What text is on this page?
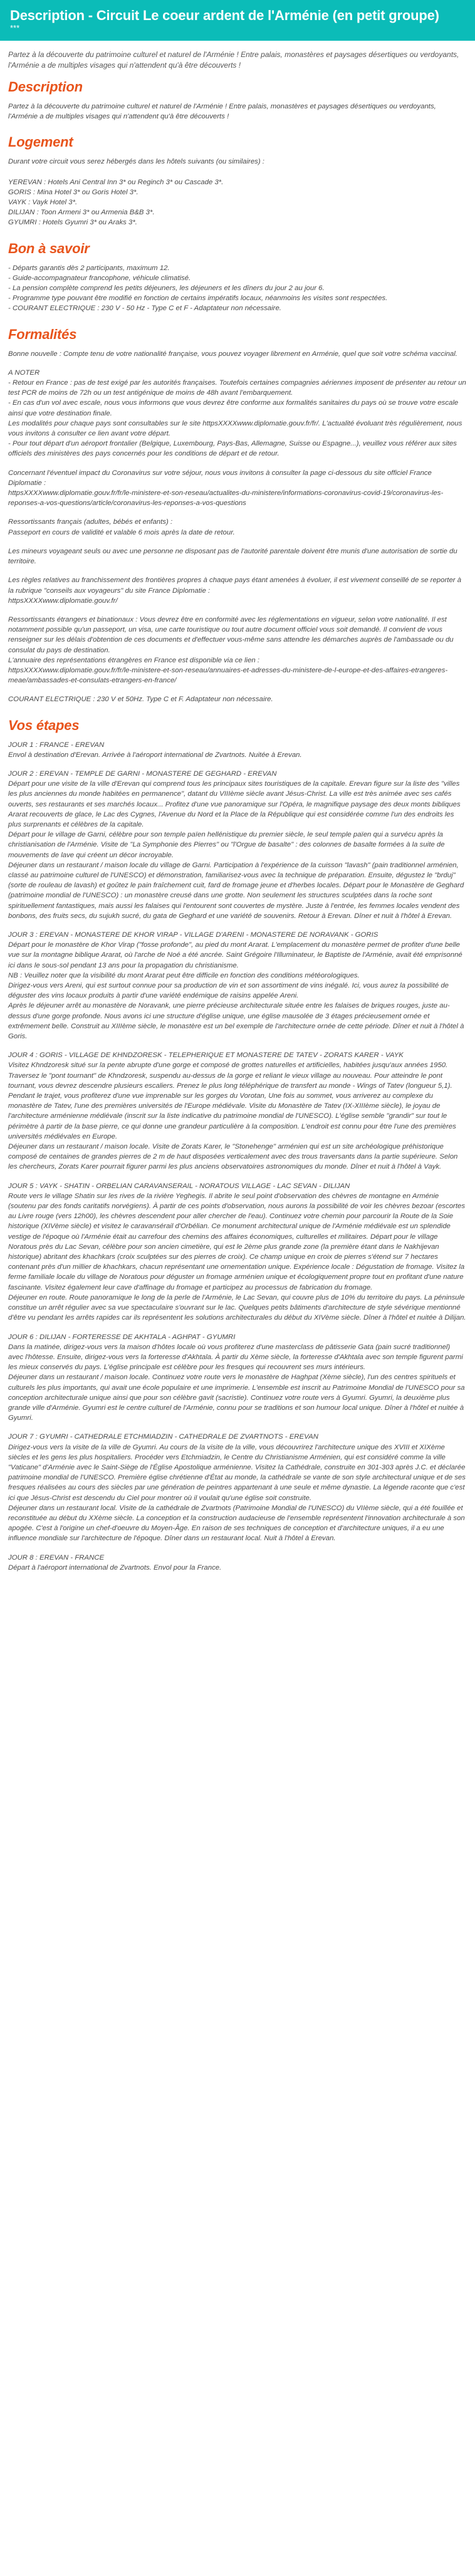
Description - Circuit Le coeur ardent de l'Arménie (en petit groupe)
***

Partez à la découverte du patrimoine culturel et naturel de l'Arménie ! Entre palais, monastères et paysages désertiques ou verdoyants, l'Arménie a de multiples visages qui n'attendent qu'à être découverts !

Description

Partez à la découverte du patrimoine culturel et naturel de l'Arménie ! Entre palais, monastères et paysages désertiques ou verdoyants, l'Arménie a de multiples visages qui n'attendent qu'à être découverts !

Logement
Durant votre circuit vous serez hébergés dans les hôtels suivants (ou similaires) :
YEREVAN : Hotels Ani Central Inn 3* ou Reginch 3* ou Cascade 3*.
GORIS : Mina Hotel 3* ou Goris Hotel 3*.
VAYK : Vayk Hotel 3*.
DILIJAN : Toon Armeni 3* ou Armenia B&B 3*.
GYUMRI : Hotels Gyumri 3* ou Araks 3*.
Bon à savoir
- Départs garantis dès 2 participants, maximum 12.
- Guide-accompagnateur francophone, véhicule climatisé.
- La pension complète comprend les petits déjeuners, les déjeuners et les dîners du jour 2 au jour 6.
- Programme type pouvant être modifié en fonction de certains impératifs locaux, néanmoins les visites sont respectées.
- COURANT ELECTRIQUE : 230 V - 50 Hz - Type C et F - Adaptateur non nécessaire.
Formalités

Bonne nouvelle : Compte tenu de votre nationalité française, vous pouvez voyager librement en Arménie, quel que soit votre schéma vaccinal.

A NOTER
- Retour en France : pas de test exigé par les autorités françaises. Toutefois certaines compagnies aériennes imposent de présenter au retour un test PCR de moins de 72h ou un test antigénique de moins de 48h avant l'embarquement.
- En cas d'un vol avec escale, nous vous informons que vous devrez être conforme aux formalités sanitaires du pays où se trouve votre escale ainsi que votre destination finale.
Les modalités pour chaque pays sont consultables sur le site httpsXXXXwww.diplomatie.gouv.fr/fr/. L'actualité évoluant très régulièrement, nous vous invitons à consulter ce lien avant votre départ.
- Pour tout départ d'un aéroport frontalier (Belgique, Luxembourg, Pays-Bas, Allemagne, Suisse ou Espagne...), veuillez vous référer aux sites officiels des ministères des pays concernés pour les conditions de départ et de retour.

Concernant l'éventuel impact du Coronavirus sur votre séjour, nous vous invitons à consulter la page ci-dessous du site officiel France Diplomatie :
httpsXXXXwww.diplomatie.gouv.fr/fr/le-ministere-et-son-reseau/actualites-du-ministere/informations-coronavirus-covid-19/coronavirus-les-reponses-a-vos-questions/article/coronavirus-les-reponses-a-vos-questions

Ressortissants français (adultes, bébés et enfants) :
Passeport en cours de validité et valable 6 mois après la date de retour.

Les mineurs voyageant seuls ou avec une personne ne disposant pas de l'autorité parentale doivent être munis d'une autorisation de sortie du territoire.

Les règles relatives au franchissement des frontières propres à chaque pays étant amenées à évoluer, il est vivement conseillé de se reporter à la rubrique "conseils aux voyageurs" du site France Diplomatie :
httpsXXXXwww.diplomatie.gouv.fr/

Ressortissants étrangers et binationaux : Vous devrez être en conformité avec les réglementations en vigueur, selon votre nationalité. Il est notamment possible qu'un passeport, un visa, une carte touristique ou tout autre document officiel vous soit demandé. Il convient de vous renseigner sur les délais d'obtention de ces documents et d'effectuer vous-même sans attendre les démarches auprès de l'ambassade ou du consulat du pays de destination.
L'annuaire des représentations étrangères en France est disponible via ce lien :
httpsXXXXwww.diplomatie.gouv.fr/fr/le-ministere-et-son-reseau/annuaires-et-adresses-du-ministere-de-l-europe-et-des-affaires-etrangeres-meae/ambassades-et-consulats-etrangers-en-france/

COURANT ELECTRIQUE : 230 V et 50Hz. Type C et F. Adaptateur non nécessaire.

Vos étapes

JOUR 1 : FRANCE - EREVAN
Envol à destination d'Erevan. Arrivée à l'aéroport international de Zvartnots. Nuitée à Erevan.

JOUR 2 : EREVAN - TEMPLE DE GARNI - MONASTERE DE GEGHARD - EREVAN
Départ pour une visite de la ville d'Erevan qui comprend tous les principaux sites touristiques de la capitale. Erevan figure sur la liste des "villes les plus anciennes du monde habitées en permanence", datant du VIIIème siècle avant Jésus-Christ. La ville est très animée avec ses cafés ouverts, ses restaurants et ses marchés locaux... Profitez d'une vue panoramique sur l'Opéra, le magnifique paysage des deux monts bibliques Ararat recouverts de glace, le Lac des Cygnes, l'Avenue du Nord et la Place de la République qui est considérée comme l'un des endroits les plus surprenants et célèbres de la capitale.
Départ pour le village de Garni, célèbre pour son temple païen hellénistique du premier siècle, le seul temple païen qui a survécu après la christianisation de l'Arménie. Visite de "La Symphonie des Pierres" ou "l'Orgue de basalte" : des colonnes de basalte formées à la suite de mouvements de lave qui créent un décor incroyable.
Déjeuner dans un restaurant / maison locale du village de Garni. Participation à l'expérience de la cuisson "lavash" (pain traditionnel arménien, classé au patrimoine culturel de l'UNESCO) et démonstration, familiarisez-vous avec la technique de préparation. Ensuite, dégustez le "brduj" (sorte de rouleau de lavash) et goûtez le pain fraîchement cuit, fard de fromage jeune et d'herbes locales. Départ pour le Monastère de Geghard (patrimoine mondial de l'UNESCO) : un monastère creusé dans une grotte. Non seulement les structures sculptées dans la roche sont spirituellement fantastiques, mais aussi les falaises qui l'entourent sont couvertes de mystère. Juste à l'entrée, les femmes locales vendent des bonbons, des fruits secs, du sujukh sucré, du gata de Geghard et une variété de souvenirs. Retour à Erevan. Dîner et nuit à l'hôtel à Erevan.

JOUR 3 : EREVAN - MONASTERE DE KHOR VIRAP - VILLAGE D'ARENI - MONASTERE DE NORAVANK - GORIS
Départ pour le monastère de Khor Virap ("fosse profonde", au pied du mont Ararat. L'emplacement du monastère permet de profiter d'une belle vue sur la montagne biblique Ararat, où l'arche de Noé a été ancrée. Saint Grégoire l'Illuminateur, le Baptiste de l'Arménie, avait été emprisonné ici dans le sous-sol pendant 13 ans pour la propagation du christianisme.
NB : Veuillez noter que la visibilité du mont Ararat peut être difficile en fonction des conditions météorologiques.
Dirigez-vous vers Areni, qui est surtout connue pour sa production de vin et son assortiment de vins inégalé. Ici, vous aurez la possibilité de déguster des vins locaux produits à partir d'une variété endémique de raisins appelée Areni.
Après le déjeuner arrêt au monastère de Noravank, une pierre précieuse architecturale située entre les falaises de briques rouges, juste au-dessus d'une gorge profonde. Nous avons ici une structure d'église unique, une église mausolée de 3 étages précieusement ornée et extrêmement belle. Construit au XIIIème siècle, le monastère est un bel exemple de l'architecture ornée de cette période. Dîner et nuit à l'hôtel à Goris.

JOUR 4 : GORIS - VILLAGE DE KHNDZORESK - TELEPHERIQUE ET MONASTERE DE TATEV - ZORATS KARER - VAYK
Visitez Khndzoresk situé sur la pente abrupte d'une gorge et composé de grottes naturelles et artificielles, habitées jusqu'aux années 1950. Traversez le "pont tournant" de Khndzoresk, suspendu au-dessus de la gorge et reliant le vieux village au nouveau. Pour atteindre le pont tournant, vous devrez descendre plusieurs escaliers. Prenez le plus long téléphérique de transfert au monde - Wings of Tatev (longueur 5,1). Pendant le trajet, vous profiterez d'une vue imprenable sur les gorges du Vorotan, Une fois au sommet, vous arriverez au complexe du monastère de Tatev, l'une des premières universités de l'Europe médiévale. Visite du Monastère de Tatev (IX-XIIIème siècle), le joyau de l'architecture arménienne médiévale (inscrit sur la liste indicative du patrimoine mondial de l'UNESCO). L'église semble "grandir" sur tout le périmètre à partir de la base pierre, ce qui donne une grandeur particulière à la composition. L'endroit est connu pour être l'une des premières universités médiévales en Europe.
Déjeuner dans un restaurant / maison locale. Visite de Zorats Karer, le "Stonehenge" arménien qui est un site archéologique préhistorique composé de centaines de grandes pierres de 2 m de haut disposées verticalement avec des trous traversants dans la partie supérieure. Selon les chercheurs, Zorats Karer pourrait figurer parmi les plus anciens observatoires astronomiques du monde. Dîner et nuit à l'hôtel à Vayk.

JOUR 5 : VAYK - SHATIN - ORBELIAN CARAVANSERAIL - NORATOUS VILLAGE - LAC SEVAN - DILIJAN
Route vers le village Shatin sur les rives de la rivière Yeghegis. Il abrite le seul point d'observation des chèvres de montagne en Arménie (soutenu par des fonds caritatifs norvégiens). À partir de ces points d'observation, nous aurons la possibilité de voir les chèvres bezoar (escortes au Livre rouge (vers 12h00), les chèvres descendent pour aller chercher de l'eau). Continuez votre chemin pour parcourir la Route de la Soie historique (XIVème siècle) et visitez le caravansérail d'Orbélian. Ce monument architectural unique de l'Arménie médiévale est un splendide vestige de l'époque où l'Arménie était au carrefour des chemins des affaires économiques, culturelles et militaires. Départ pour le village Noratous près du Lac Sevan, célèbre pour son ancien cimetière, qui est le 2ème plus grande zone (la première étant dans le Nakhijevan historique) abritant des khachkars (croix sculptées sur des pierres de croix). Ce champ unique en croix de pierres s'étend sur 7 hectares contenant près d'un millier de khachkars, chacun représentant une ornementation unique. Expérience locale : Dégustation de fromage. Visitez la ferme familiale locale du village de Noratous pour déguster un fromage arménien unique et écologiquement propre tout en profitant d'une nature fascinante. Visitez également leur cave d'affinage du fromage et participez au processus de fabrication du fromage.
Déjeuner en route. Route panoramique le long de la perle de l'Arménie, le Lac Sevan, qui couvre plus de 10% du territoire du pays. La péninsule constitue un arrêt régulier avec sa vue spectaculaire s'ouvrant sur le lac. Quelques petits bâtiments d'architecture de style sévérique mentionné d'être vu pendant les arrêts rapides car ils représentent les solutions architecturales du début du XIVème siècle. Dîner à l'hôtel et nuitée à Dilijan.

JOUR 6 : DILIJAN - FORTERESSE DE AKHTALA - AGHPAT - GYUMRI
Dans la matinée, dirigez-vous vers la maison d'hôtes locale où vous profiterez d'une masterclass de pâtisserie Gata (pain sucré traditionnel) avec l'hôtesse. Ensuite, dirigez-vous vers la forteresse d'Akhtala. À partir du Xème siècle, la forteresse d'Akhtala avec son temple figurent parmi les mieux conservés du pays. L'église principale est célèbre pour les fresques qui recouvrent ses murs intérieurs.
Déjeuner dans un restaurant / maison locale. Continuez votre route vers le monastère de Haghpat (Xème siècle), l'un des centres spirituels et culturels les plus importants, qui avait une école populaire et une imprimerie. L'ensemble est inscrit au Patrimoine Mondial de l'UNESCO pour sa conception architecturale unique ainsi que pour son célèbre gavit (sacristie). Continuez votre route vers à Gyumri. Gyumri, la deuxième plus grande ville d'Arménie. Gyumri est le centre culturel de l'Arménie, connu pour se traditions et son humour local unique. Dîner à l'hôtel et nuitée à Gyumri.

JOUR 7 : GYUMRI - CATHEDRALE ETCHMIADZIN - CATHEDRALE DE ZVARTNOTS - EREVAN
Dirigez-vous vers la visite de la ville de Gyumri. Au cours de la visite de la ville, vous découvrirez l'architecture unique des XVIII et XIXème siècles et les gens les plus hospitaliers. Procéder vers Etchmiadzin, le Centre du Christianisme Arménien, qui est considéré comme la ville "Vaticane" d'Arménie avec le Saint-Siège de l'Église Apostolique arménienne. Visitez la Cathédrale, construite en 301-303 après J.C. et déclarée patrimoine mondial de l'UNESCO. Première église chrétienne d'État au monde, la cathédrale se vante de son style architectural unique et de ses fresques réalisées au cours des siècles par une génération de peintres appartenant à une seule et même dynastie. La légende raconte que c'est ici que Jésus-Christ est descendu du Ciel pour montrer où il voulait qu'une église soit construite.
Déjeuner dans un restaurant local. Visite de la cathédrale de Zvartnots (Patrimoine Mondial de l'UNESCO) du VIIème siècle, qui a été fouillée et reconstituée au début du XXème siècle. La conception et la construction audacieuse de l'ensemble représentent l'innovation architecturale à son apogée. C'est à l'origine un chef-d'oeuvre du Moyen-Âge. En raison de ses techniques de conception et d'architecture uniques, il a eu une influence mondiale sur l'architecture de l'époque. Dîner dans un restaurant local. Nuit à l'hôtel à Erevan.

JOUR 8 : EREVAN - FRANCE
Départ à l'aéroport international de Zvartnots. Envol pour la France.
